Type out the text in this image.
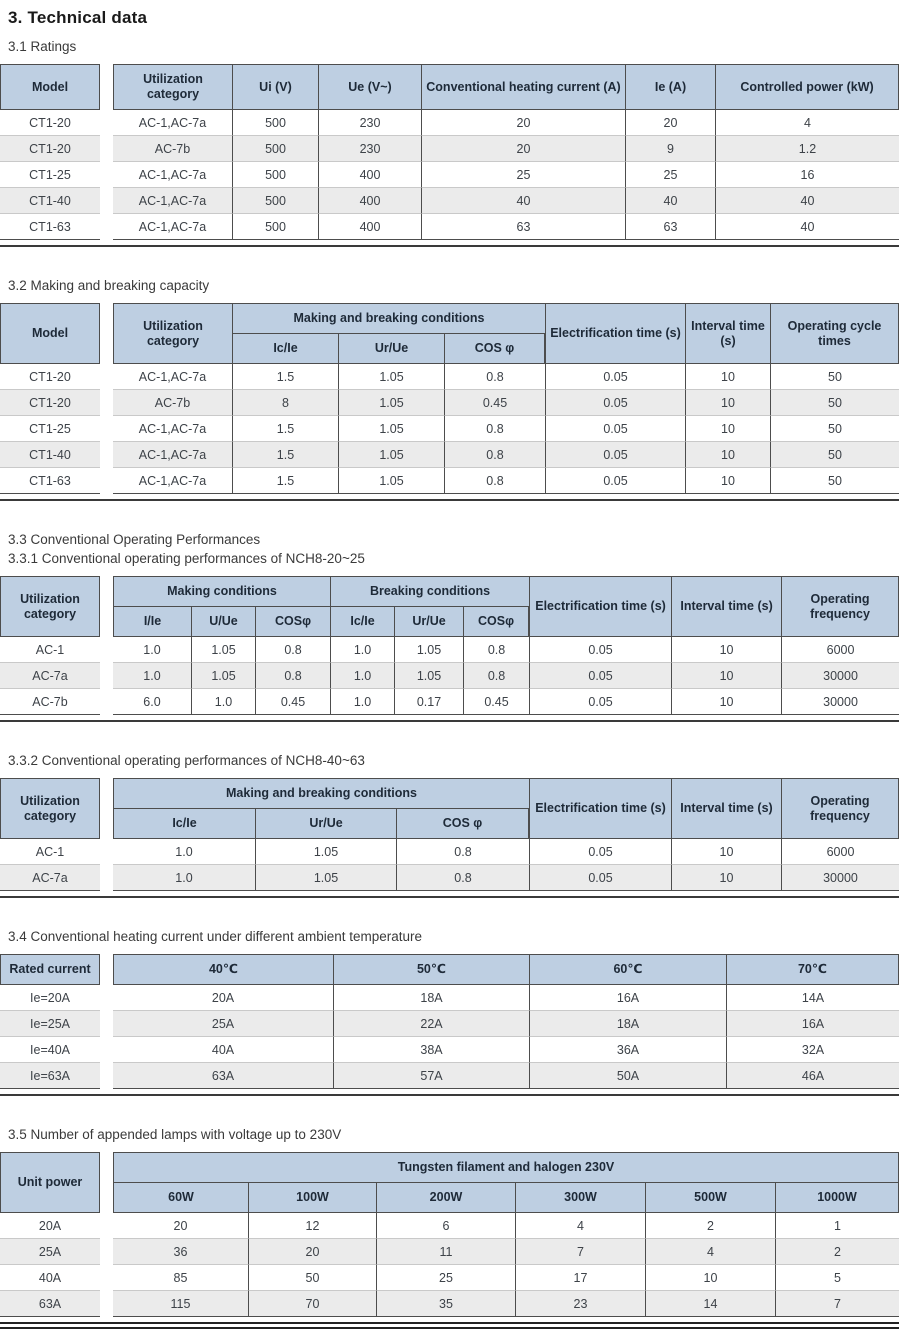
3. Technical data
3.1 Ratings
Model		Utilization category	Ui (V)	Ue (V~)	Conventional heating current (A)	Ie (A)	Controlled power (kW)
CT1-20		AC-1,AC-7a	500	230	20	20	4
CT1-20		AC-7b	500	230	20	9	1.2
CT1-25		AC-1,AC-7a	500	400	25	25	16
CT1-40		AC-1,AC-7a	500	400	40	40	40
CT1-63		AC-1,AC-7a	500	400	63	63	40
3.2 Making and breaking capacity
Model		Utilization category	Making and breaking conditions			Electrification time (s)	Interval time (s)	Operating cycle times
			Ic/Ie	Ur/Ue	COS φ			
CT1-20		AC-1,AC-7a	1.5	1.05	0.8	0.05	10	50
CT1-20		AC-7b	8	1.05	0.45	0.05	10	50
CT1-25		AC-1,AC-7a	1.5	1.05	0.8	0.05	10	50
CT1-40		AC-1,AC-7a	1.5	1.05	0.8	0.05	10	50
CT1-63		AC-1,AC-7a	1.5	1.05	0.8	0.05	10	50
3.3 Conventional Operating Performances
3.3.1 Conventional operating performances of NCH8-20~25
Utilization category		Making conditions			Breaking conditions			Electrification time (s)	Interval time (s)	Operating frequency
		I/Ie	U/Ue	COSφ	Ic/Ie	Ur/Ue	COSφ			
AC-1		1.0	1.05	0.8	1.0	1.05	0.8	0.05	10	6000
AC-7a		1.0	1.05	0.8	1.0	1.05	0.8	0.05	10	30000
AC-7b		6.0	1.0	0.45	1.0	0.17	0.45	0.05	10	30000
3.3.2 Conventional operating performances of NCH8-40~63
Utilization category		Making and breaking conditions			Electrification time (s)	Interval time (s)	Operating frequency
		Ic/Ie	Ur/Ue	COS φ			
AC-1		1.0	1.05	0.8	0.05	10	6000
AC-7a		1.0	1.05	0.8	0.05	10	30000
3.4 Conventional heating current under different ambient temperature
Rated current		40℃	50℃	60℃	70℃
Ie=20A		20A	18A	16A	14A
Ie=25A		25A	22A	18A	16A
Ie=40A		40A	38A	36A	32A
Ie=63A		63A	57A	50A	46A
3.5 Number of appended lamps with voltage up to 230V
Unit power		Tungsten filament and halogen 230V					
		60W	100W	200W	300W	500W	1000W
20A		20	12	6	4	2	1
25A		36	20	11	7	4	2
40A		85	50	25	17	10	5
63A		115	70	35	23	14	7
